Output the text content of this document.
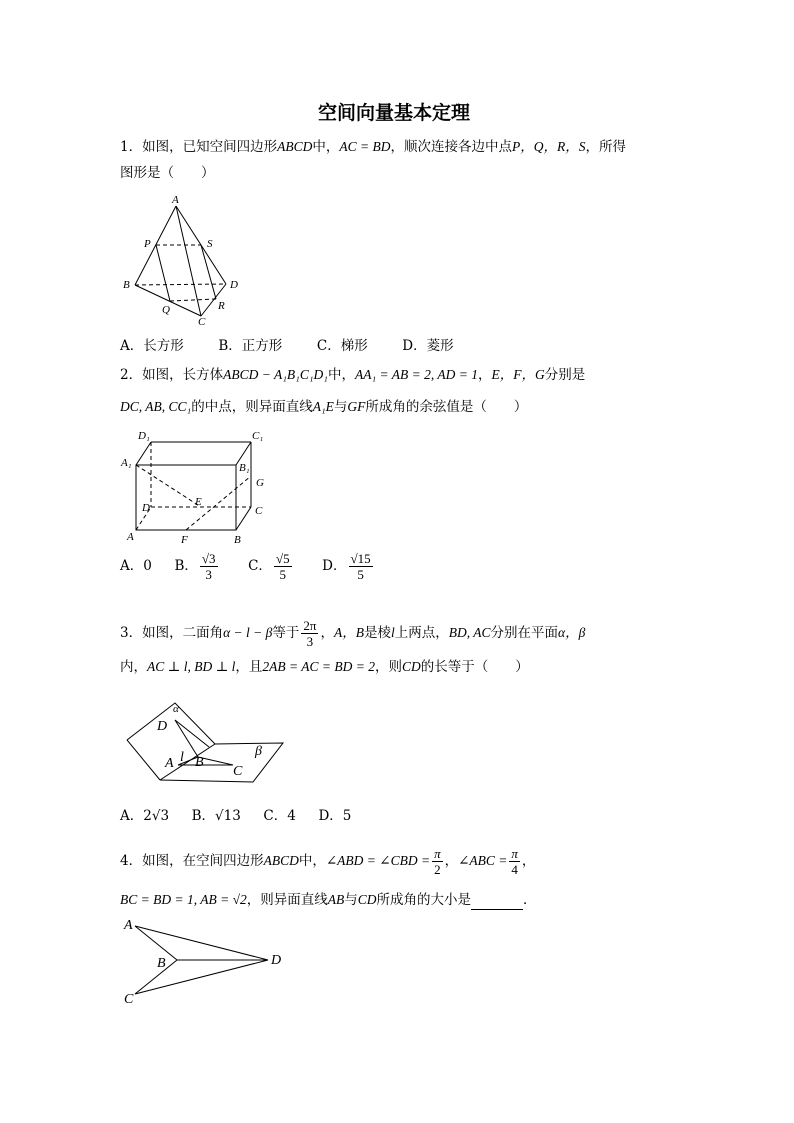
空间向量基本定理
1．如图，已知空间四边形ABCD中，AC = BD，顺次连接各边中点P，Q，R，S，所得
图形是（　　）
A
P	S
B	D
Q	R
C
A．长方形	B．正方形	C．梯形	D．菱形
2．如图，长方体ABCD − A₁B₁C₁D₁中，AA₁ = AB = 2, AD = 1，E，F，G分别是
DC, AB, CC₁的中点，则异面直线A₁E与GF所成角的余弦值是（　　）
D₁	C₁
A₁	B₁
G
D	E
C
A	F	B
A．0 B． $\frac{√3}{3}$ C． $\frac{√5}{5}$ D． $\frac{√15}{5}$
3．如图，二面角α − l − β等于 $\frac{2\pi}{3}$ ，A，B是棱l上两点，BD, AC分别在平面α，β
内，AC ⊥ l, BD ⊥ l，且2AB = AC = BD = 2，则CD的长等于（　　）
α
D
l	β
A B
C
A．2√3 B．√13 C．4 D．5
4．如图，在空间四边形ABCD中，∠ABD = ∠CBD = $\frac{\pi}{2}$ ，∠ABC = $\frac{\pi}{4}$ ，
BC = BD = 1, AB = √2，则异面直线AB与CD所成角的大小是	．
A
B	D
C
